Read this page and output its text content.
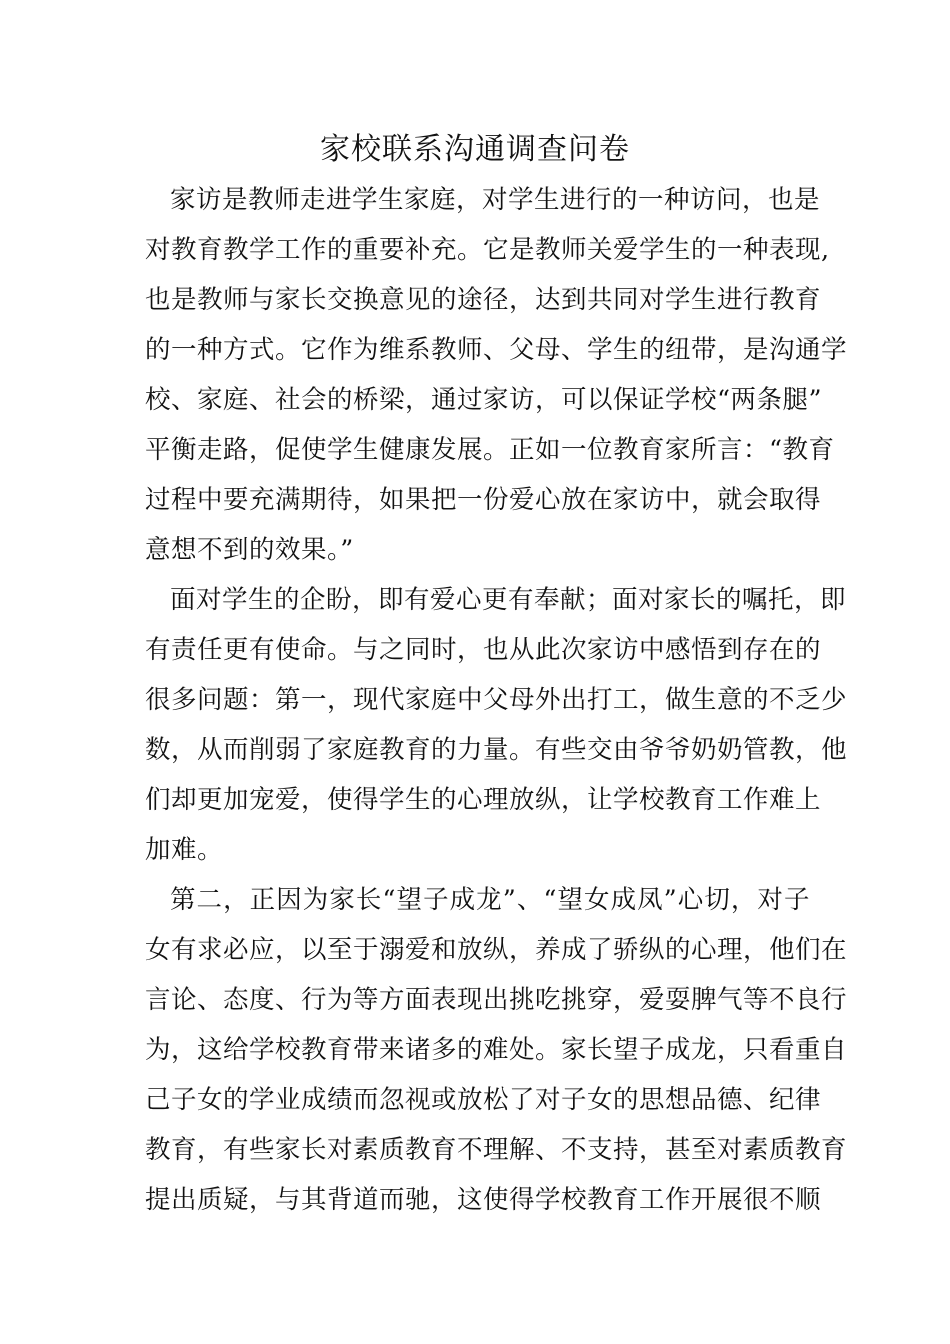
家校联系沟通调查问卷
家访是教师走进学生家庭，对学生进行的一种访问，也是
对教育教学工作的重要补充。它是教师关爱学生的一种表现,
也是教师与家长交换意见的途径，达到共同对学生进行教育
的一种方式。它作为维系教师、父母、学生的纽带，是沟通学
校、家庭、社会的桥梁，通过家访，可以保证学校“两条腿”
平衡走路，促使学生健康发展。正如一位教育家所言：“教育
过程中要充满期待，如果把一份爱心放在家访中，就会取得
意想不到的效果。”
面对学生的企盼，即有爱心更有奉献；面对家长的嘱托，即
有责任更有使命。与之同时，也从此次家访中感悟到存在的
很多问题：第一，现代家庭中父母外出打工，做生意的不乏少
数，从而削弱了家庭教育的力量。有些交由爷爷奶奶管教，他
们却更加宠爱，使得学生的心理放纵，让学校教育工作难上
加难。
第二，正因为家长“望子成龙”、“望女成凤”心切，对子
女有求必应，以至于溺爱和放纵，养成了骄纵的心理，他们在
言论、态度、行为等方面表现出挑吃挑穿，爱耍脾气等不良行
为，这给学校教育带来诸多的难处。家长望子成龙，只看重自
己子女的学业成绩而忽视或放松了对子女的思想品德、纪律
教育，有些家长对素质教育不理解、不支持，甚至对素质教育
提出质疑，与其背道而驰，这使得学校教育工作开展很不顺
